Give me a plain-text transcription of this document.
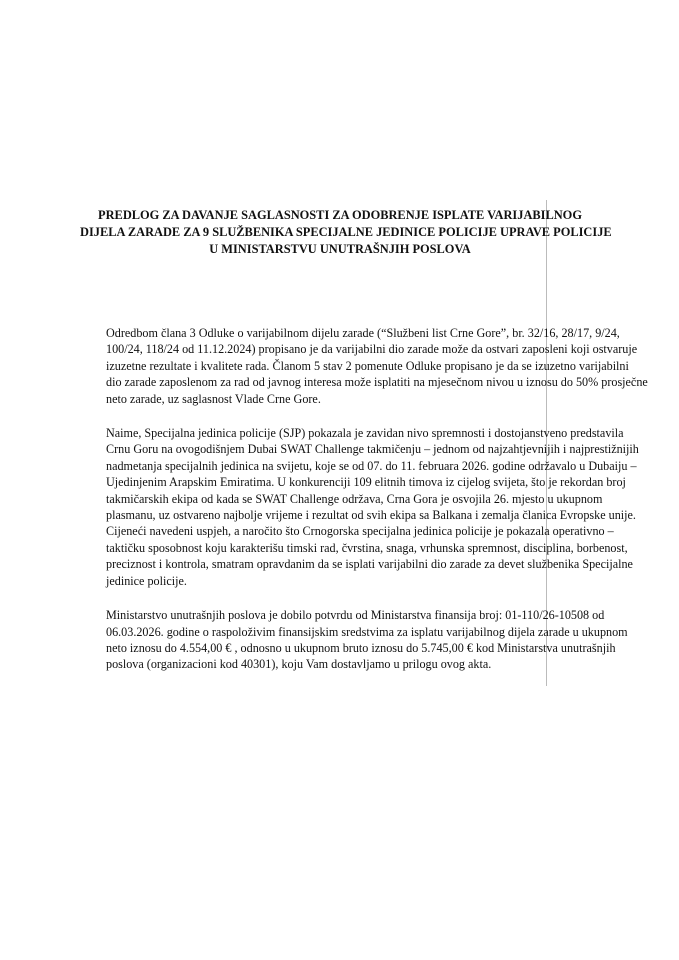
PREDLOG ZA DAVANJE SAGLASNOSTI ZA ODOBRENJE ISPLATE VARIJABILNOG
DIJELA ZARADE ZA 9 SLUŽBENIKA SPECIJALNE JEDINICE POLICIJE UPRAVE POLICIJE
U MINISTARSTVU UNUTRAŠNJIH POSLOVA
Odredbom člana 3 Odluke o varijabilnom dijelu zarade (“Službeni list Crne Gore”, br. 32/16, 28/17, 9/24,
100/24, 118/24 od 11.12.2024) propisano je da varijabilni dio zarade može da ostvari zaposleni koji ostvaruje
izuzetne rezultate i kvalitete rada. Članom 5 stav 2 pomenute Odluke propisano je da se izuzetno varijabilni
dio zarade zaposlenom za rad od javnog interesa može isplatiti na mjesečnom nivou u iznosu do 50% prosječne
neto zarade, uz saglasnost Vlade Crne Gore.
Naime, Specijalna jedinica policije (SJP) pokazala je zavidan nivo spremnosti i dostojanstveno predstavila
Crnu Goru na ovogodišnjem Dubai SWAT Challenge takmičenju – jednom od najzahtjevnijih i najprestižnijih
nadmetanja specijalnih jedinica na svijetu, koje se od 07. do 11. februara 2026. godine održavalo u Dubaiju –
Ujedinjenim Arapskim Emiratima. U konkurenciji 109 elitnih timova iz cijelog svijeta, što je rekordan broj
takmičarskih ekipa od kada se SWAT Challenge održava, Crna Gora je osvojila 26. mjesto u ukupnom
plasmanu, uz ostvareno najbolje vrijeme i rezultat od svih ekipa sa Balkana i zemalja članica Evropske unije.
Cijeneći navedeni uspjeh, a naročito što Crnogorska specijalna jedinica policije je pokazala operativno –
taktičku sposobnost koju karakterišu timski rad, čvrstina, snaga, vrhunska spremnost, disciplina, borbenost,
preciznost i kontrola, smatram opravdanim da se isplati varijabilni dio zarade za devet službenika Specijalne
jedinice policije.
Ministarstvo unutrašnjih poslova je dobilo potvrdu od Ministarstva finansija broj: 01-110/26-10508 od
06.03.2026. godine o raspoloživim finansijskim sredstvima za isplatu varijabilnog dijela zarade u ukupnom
neto iznosu do 4.554,00 € , odnosno u ukupnom bruto iznosu do 5.745,00 € kod Ministarstva unutrašnjih
poslova (organizacioni kod 40301), koju Vam dostavljamo u prilogu ovog akta.
